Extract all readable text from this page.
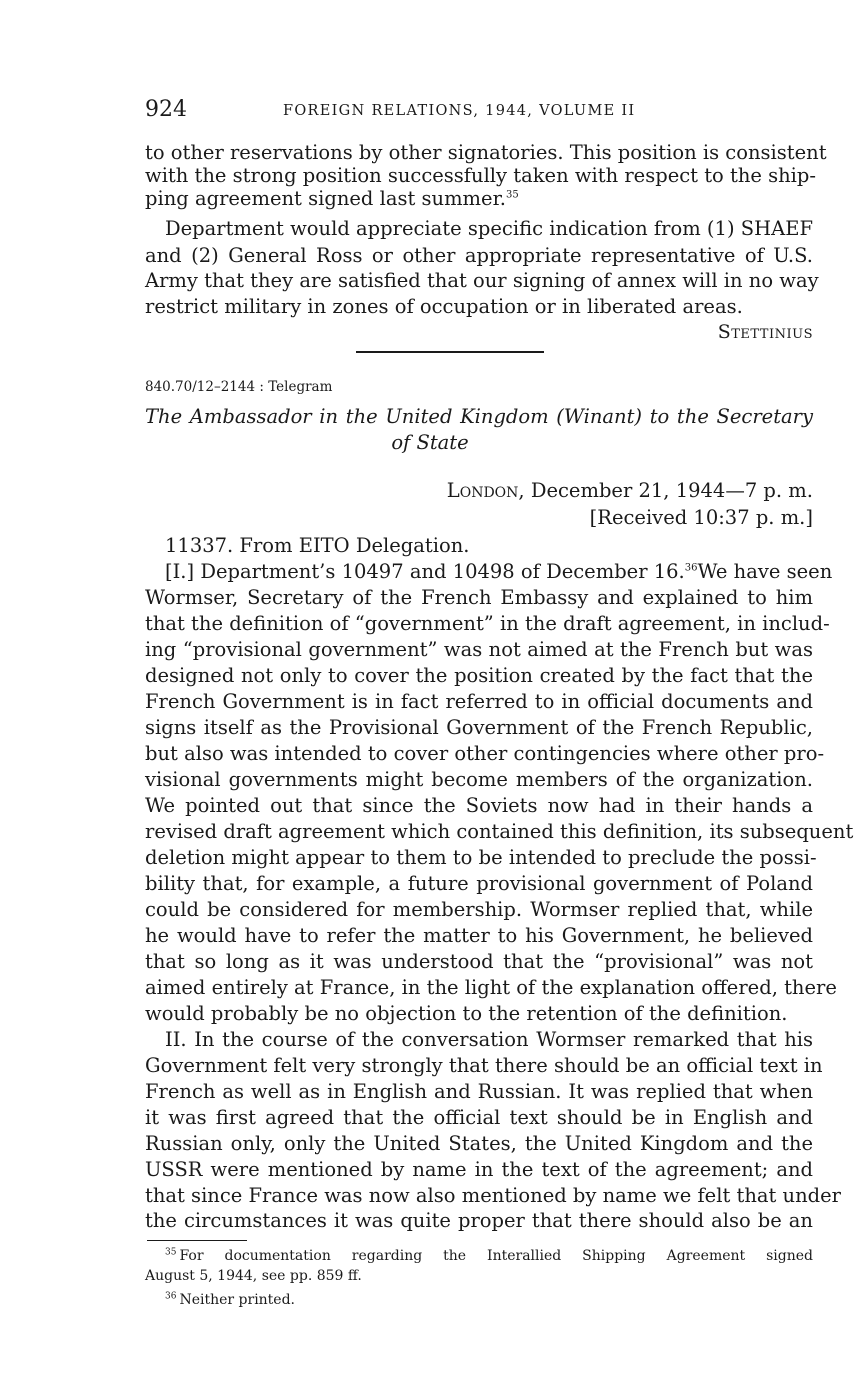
924	FOREIGN RELATIONS, 1944, VOLUME II
to other reservations by other signatories. This position is consistent
with the strong position successfully taken with respect to the ship-
ping agreement signed last summer.$^{35}$
Department would appreciate specific indication from (1) SHAEF
and (2) General Ross or other appropriate representative of U.S.
Army that they are satisfied that our signing of annex will in no way
restrict military in zones of occupation or in liberated areas.
Stettinius
840.70/12–2144 : Telegram
The Ambassador in the United Kingdom (Winant) to the Secretary
of State
London, December 21, 1944—7 p. m.
[Received 10:37 p. m.]
11337. From EITO Delegation.
[I.] Department’s 10497 and 10498 of December 16.36 We have seen
Wormser, Secretary of the French Embassy and explained to him
that the definition of “government” in the draft agreement, in includ-
ing “provisional government” was not aimed at the French but was
designed not only to cover the position created by the fact that the
French Government is in fact referred to in official documents and
signs itself as the Provisional Government of the French Republic,
but also was intended to cover other contingencies where other pro-
visional governments might become members of the organization.
We pointed out that since the Soviets now had in their hands a
revised draft agreement which contained this definition, its subsequent
deletion might appear to them to be intended to preclude the possi-
bility that, for example, a future provisional government of Poland
could be considered for membership. Wormser replied that, while
he would have to refer the matter to his Government, he believed
that so long as it was understood that the “provisional” was not
aimed entirely at France, in the light of the explanation offered, there
would probably be no objection to the retention of the definition.
II. In the course of the conversation Wormser remarked that his
Government felt very strongly that there should be an official text in
French as well as in English and Russian. It was replied that when
it was first agreed that the official text should be in English and
Russian only, only the United States, the United Kingdom and the
USSR were mentioned by name in the text of the agreement; and
that since France was now also mentioned by name we felt that under
the circumstances it was quite proper that there should also be an
$^{35}$ For documentation regarding the Interallied Shipping Agreement signed
August 5, 1944, see pp. 859 ff.
$^{36}$ Neither printed.
